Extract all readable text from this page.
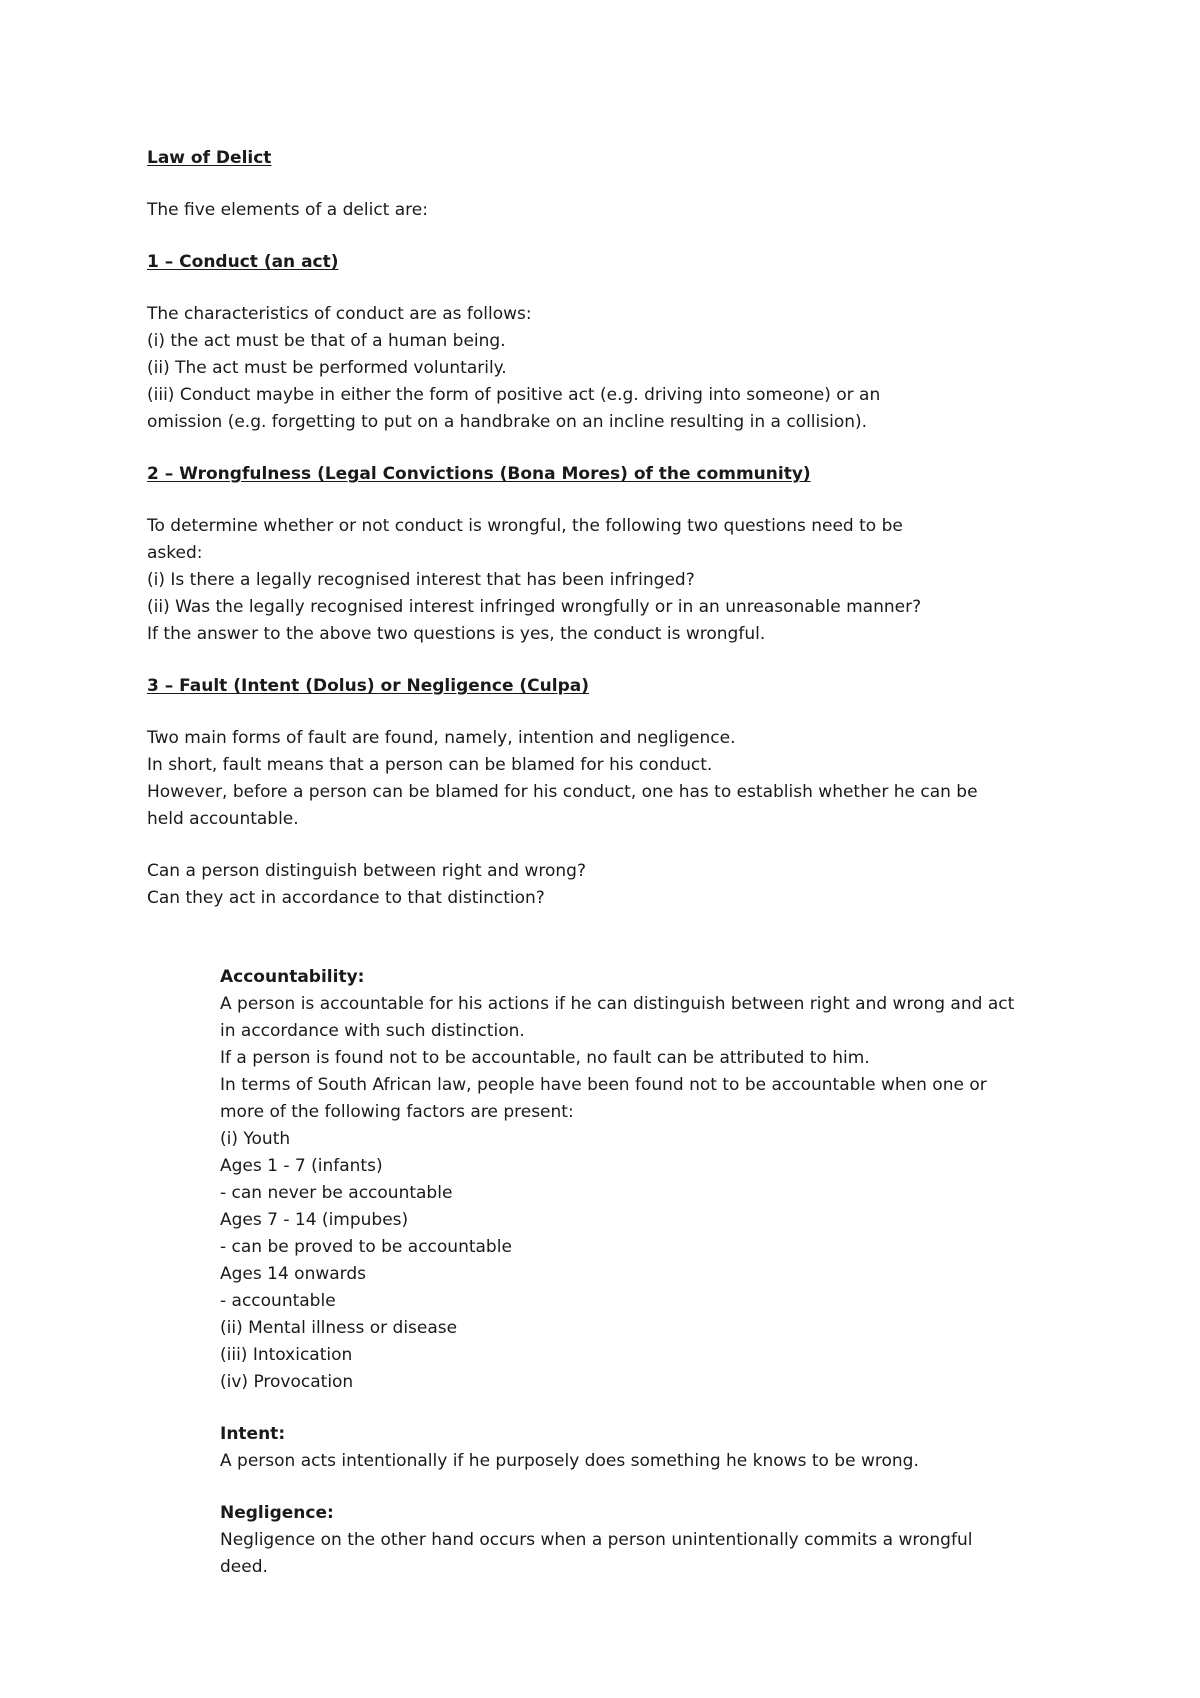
Law of Delict

The five elements of a delict are:

1 – Conduct (an act)

The characteristics of conduct are as follows:

(i) the act must be that of a human being.

(ii) The act must be performed voluntarily.

(iii) Conduct maybe in either the form of positive act (e.g. driving into someone) or an

omission (e.g. forgetting to put on a handbrake on an incline resulting in a collision).

2 – Wrongfulness (Legal Convictions (Bona Mores) of the community)

To determine whether or not conduct is wrongful, the following two questions need to be

asked:

(i) Is there a legally recognised interest that has been infringed?

(ii) Was the legally recognised interest infringed wrongfully or in an unreasonable manner?

If the answer to the above two questions is yes, the conduct is wrongful.

3 – Fault (Intent (Dolus) or Negligence (Culpa)

Two main forms of fault are found, namely, intention and negligence.

In short, fault means that a person can be blamed for his conduct.

However, before a person can be blamed for his conduct, one has to establish whether he can be

held accountable.

Can a person distinguish between right and wrong?

Can they act in accordance to that distinction?

Accountability:

A person is accountable for his actions if he can distinguish between right and wrong and act

in accordance with such distinction.

If a person is found not to be accountable, no fault can be attributed to him.

In terms of South African law, people have been found not to be accountable when one or

more of the following factors are present:

(i) Youth

Ages 1 - 7 (infants)

- can never be accountable

Ages 7 - 14 (impubes)

- can be proved to be accountable

Ages 14 onwards

- accountable

(ii) Mental illness or disease

(iii) Intoxication

(iv) Provocation

Intent:

A person acts intentionally if he purposely does something he knows to be wrong.

Negligence:

Negligence on the other hand occurs when a person unintentionally commits a wrongful

deed.
